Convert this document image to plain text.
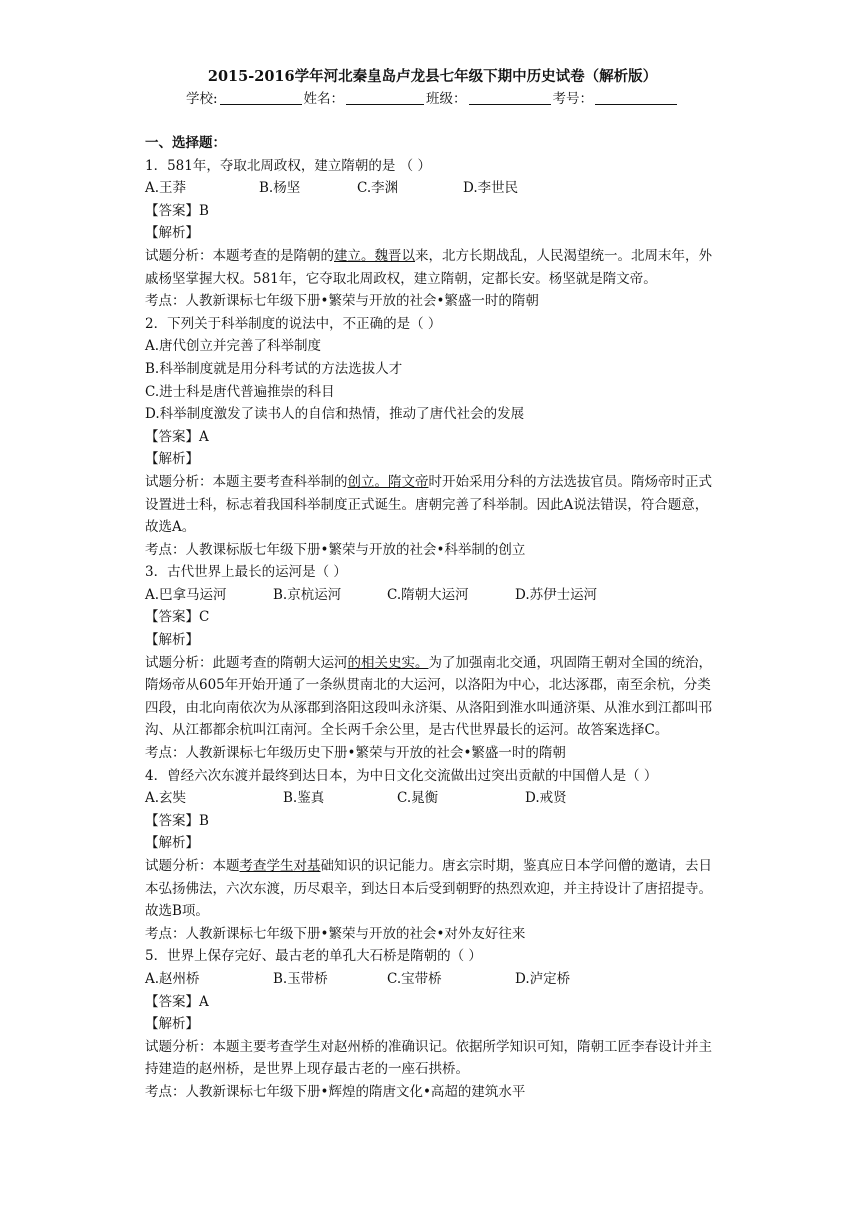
2015-2016学年河北秦皇岛卢龙县七年级下期中历史试卷（解析版）

学校:	姓名：	班级：	考号：

一、选择题：

1．581年，夺取北周政权，建立隋朝的是 （ ）

A.王莽	B.杨坚	C.李渊	D.李世民

【答案】B

【解析】

试题分析：本题考查的是隋朝的建立。魏晋以来，北方长期战乱，人民渴望统一。北周末年，外戚杨坚掌握大权。581年，它夺取北周政权，建立隋朝，定都长安。杨坚就是隋文帝。

考点：人教新课标七年级下册•繁荣与开放的社会•繁盛一时的隋朝

2．下列关于科举制度的说法中，不正确的是（ ）

A.唐代创立并完善了科举制度

B.科举制度就是用分科考试的方法选拔人才

C.进士科是唐代普遍推崇的科目

D.科举制度激发了读书人的自信和热情，推动了唐代社会的发展

【答案】A

【解析】

试题分析：本题主要考查科举制的创立。隋文帝时开始采用分科的方法选拔官员。隋炀帝时正式设置进士科，标志着我国科举制度正式诞生。唐朝完善了科举制。因此A说法错误，符合题意，故选A。

考点：人教课标版七年级下册•繁荣与开放的社会•科举制的创立

3．古代世界上最长的运河是（ ）

A.巴拿马运河	B.京杭运河	C.隋朝大运河	D.苏伊士运河

【答案】C

【解析】

试题分析：此题考查的隋朝大运河的相关史实。为了加强南北交通，巩固隋王朝对全国的统治，隋炀帝从605年开始开通了一条纵贯南北的大运河，以洛阳为中心，北达涿郡，南至余杭，分类四段，由北向南依次为从涿郡到洛阳这段叫永济渠、从洛阳到淮水叫通济渠、从淮水到江都叫邗沟、从江都都余杭叫江南河。全长两千余公里，是古代世界最长的运河。故答案选择C。

考点：人教新课标七年级历史下册•繁荣与开放的社会•繁盛一时的隋朝

4．曾经六次东渡并最终到达日本，为中日文化交流做出过突出贡献的中国僧人是（ ）

A.玄奘	B.鉴真	C.晁衡	D.戒贤

【答案】B

【解析】

试题分析：本题考查学生对基础知识的识记能力。唐玄宗时期，鉴真应日本学问僧的邀请，去日本弘扬佛法，六次东渡，历尽艰辛，到达日本后受到朝野的热烈欢迎，并主持设计了唐招提寺。故选B项。

考点：人教新课标七年级下册•繁荣与开放的社会•对外友好往来

5．世界上保存完好、最古老的单孔大石桥是隋朝的（ ）

A.赵州桥	B.玉带桥	C.宝带桥	D.泸定桥

【答案】A

【解析】

试题分析：本题主要考查学生对赵州桥的准确识记。依据所学知识可知，隋朝工匠李春设计并主持建造的赵州桥，是世界上现存最古老的一座石拱桥。

考点：人教新课标七年级下册•辉煌的隋唐文化•高超的建筑水平
